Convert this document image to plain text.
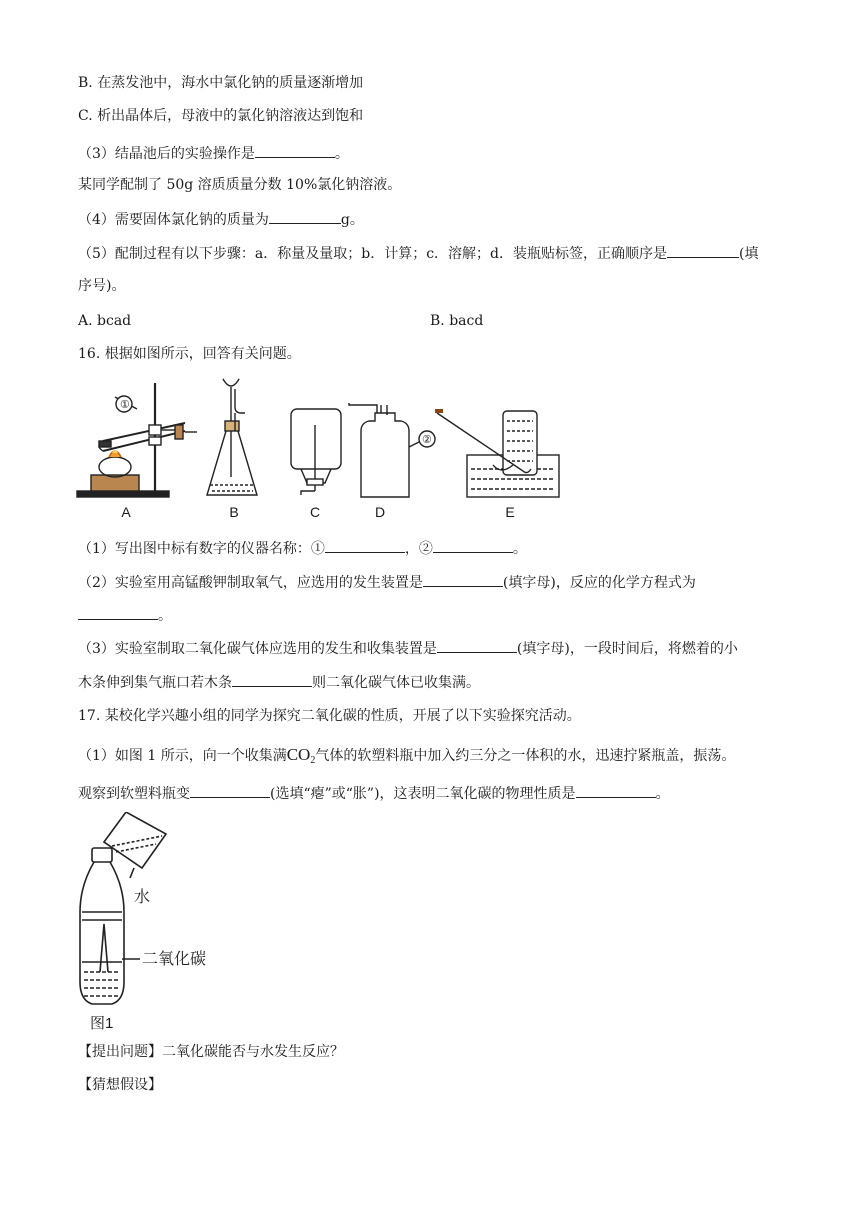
B. 在蒸发池中，海水中氯化钠的质量逐渐增加
C. 析出晶体后，母液中的氯化钠溶液达到饱和
（3）结晶池后的实验操作是	。
某同学配制了 50g 溶质质量分数 10%氯化钠溶液。
（4）需要固体氯化钠的质量为	g。
（5）配制过程有以下步骤：a．称量及量取；b．计算；c．溶解；d．装瓶贴标签，正确顺序是	(填
序号)。
A. bcad	B. bacd
16. 根据如图所示，回答有关问题。
①
②
A	B	C	D	E
（1）写出图中标有数字的仪器名称：①	，②	。
（2）实验室用高锰酸钾制取氧气，应选用的发生装置是	(填字母)，反应的化学方程式为
。
（3）实验室制取二氧化碳气体应选用的发生和收集装置是	(填字母)，一段时间后，将燃着的小
木条伸到集气瓶口若木条	则二氧化碳气体已收集满。
17. 某校化学兴趣小组的同学为探究二氧化碳的性质，开展了以下实验探究活动。
（1）如图 1 所示，向一个收集满$CO_2$气体的软塑料瓶中加入约三分之一体积的水，迅速拧紧瓶盖，振荡。
观察到软塑料瓶变	(选填“瘪”或“胀”)，这表明二氧化碳的物理性质是	。
水
二氧化碳
图1
【提出问题】二氧化碳能否与水发生反应？
【猜想假设】
